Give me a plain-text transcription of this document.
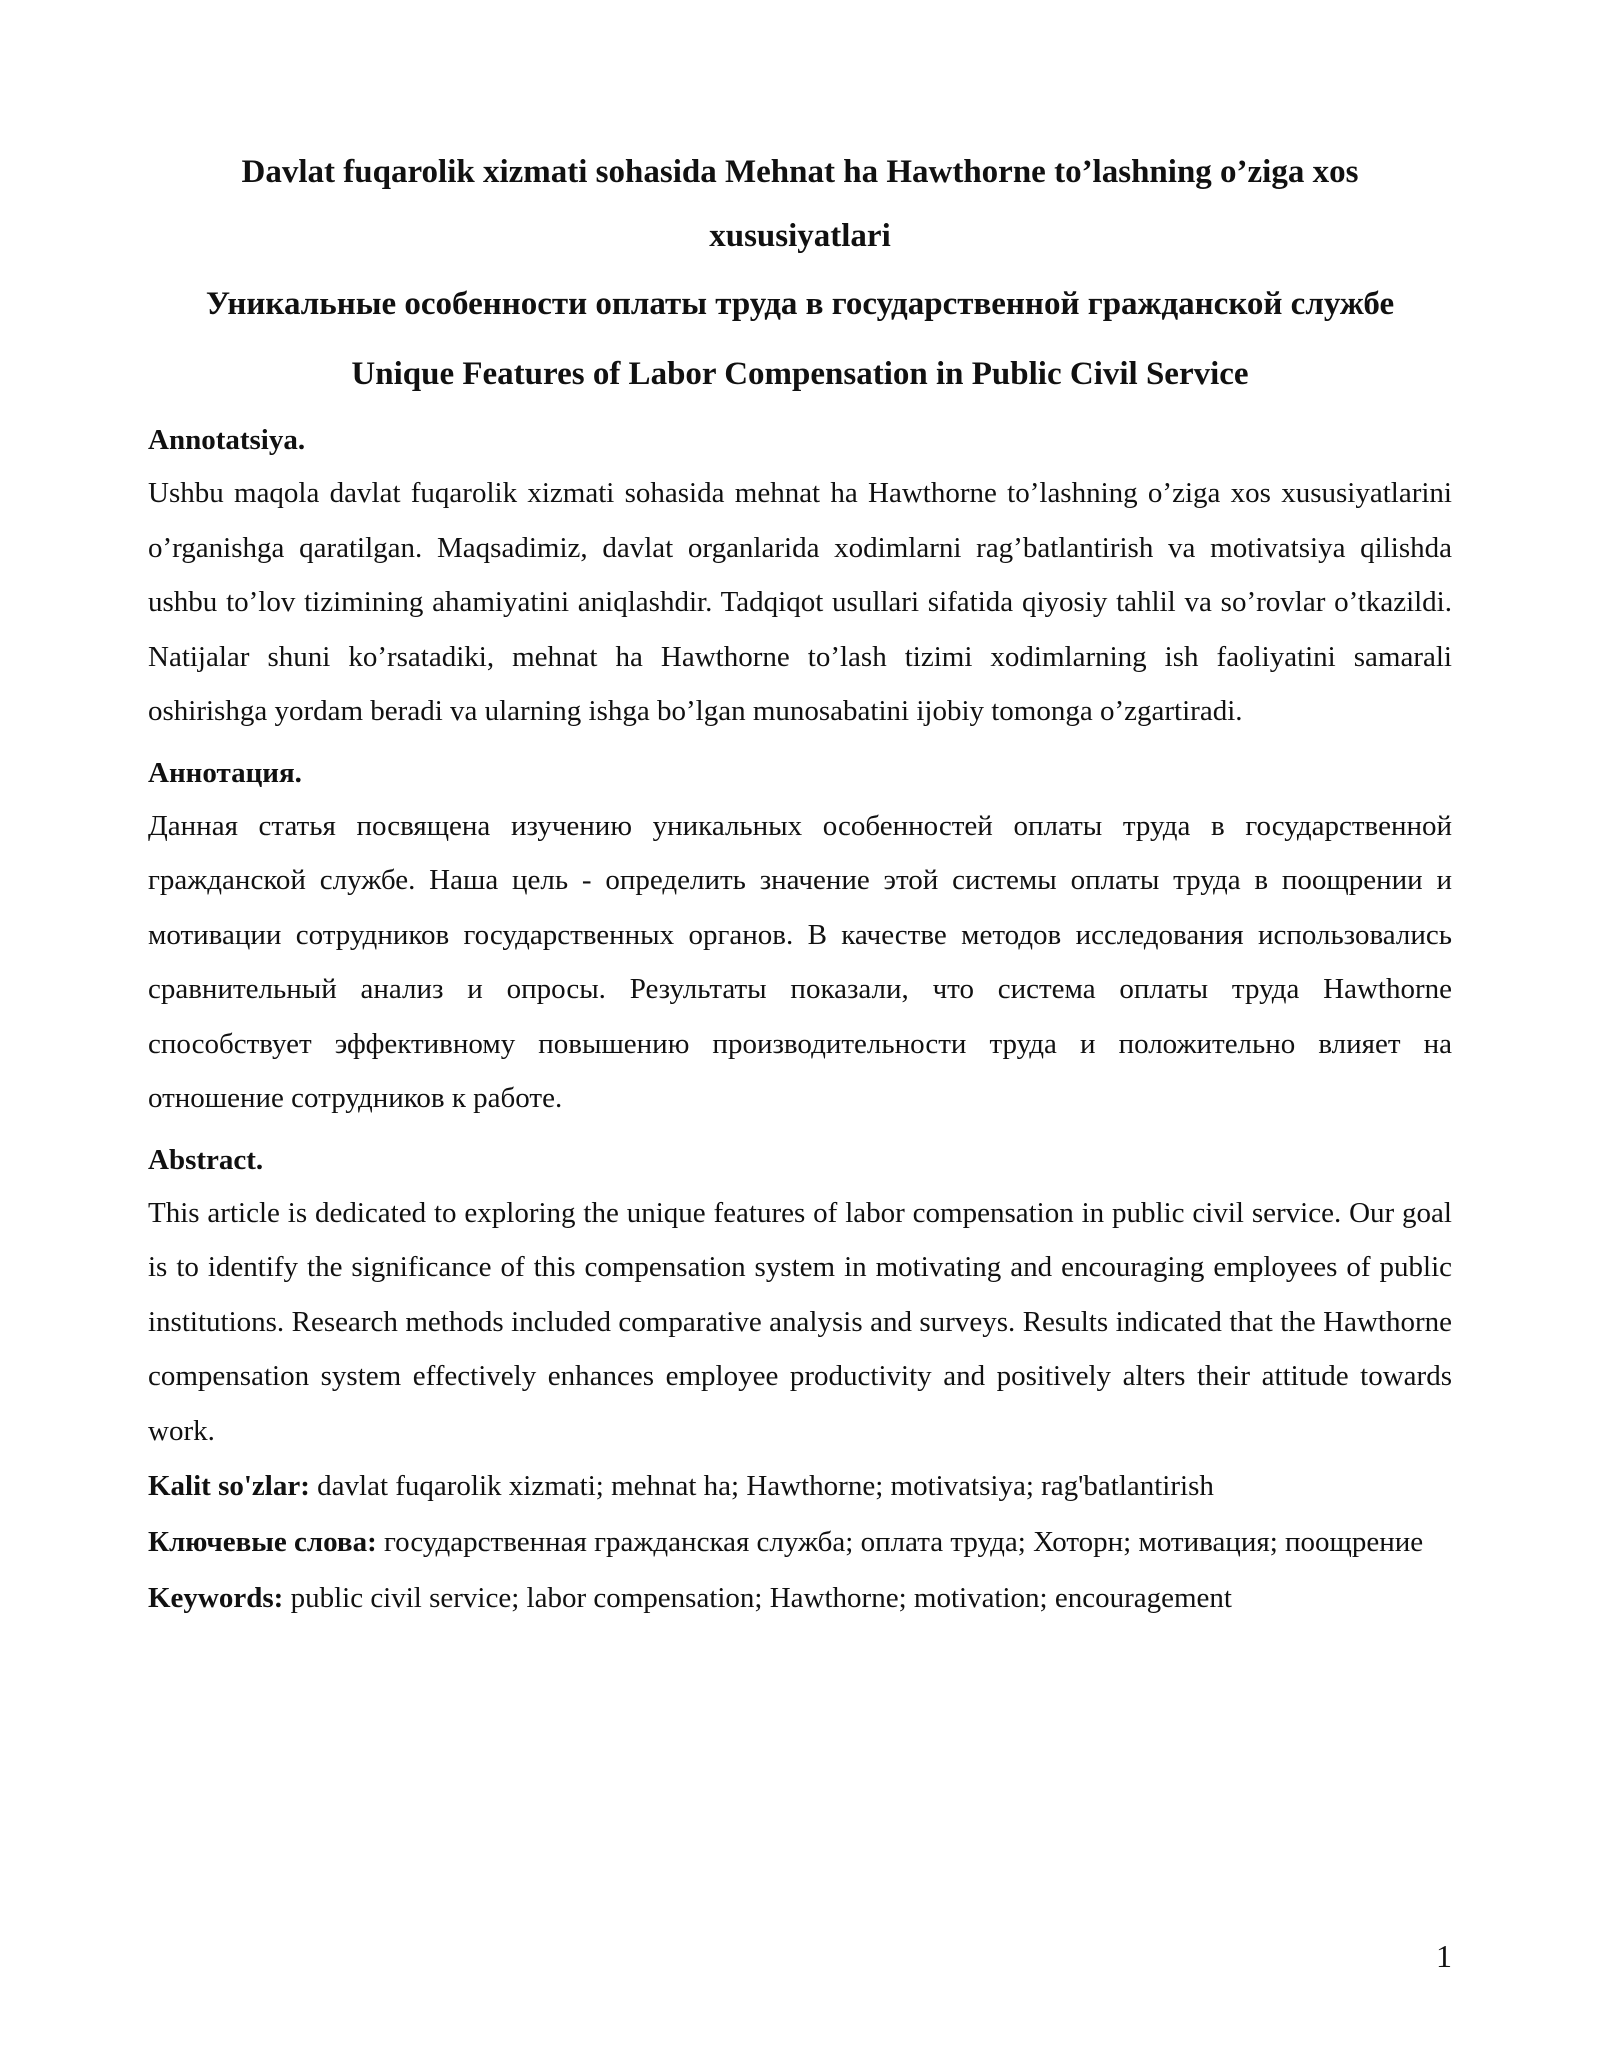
Davlat fuqarolik xizmati sohasida Mehnat ha Hawthorne to’lashning o’ziga xos xususiyatlari
Уникальные особенности оплаты труда в государственной гражданской службе
Unique Features of Labor Compensation in Public Civil Service
Annotatsiya.

Ushbu maqola davlat fuqarolik xizmati sohasida mehnat ha Hawthorne to’lashning o’ziga xos xususiyatlarini o’rganishga qaratilgan. Maqsadimiz, davlat organlarida xodimlarni rag’batlantirish va motivatsiya qilishda ushbu to’lov tizimining ahamiyatini aniqlashdir. Tadqiqot usullari sifatida qiyosiy tahlil va so’rovlar o’tkazildi. Natijalar shuni ko’rsatadiki, mehnat ha Hawthorne to’lash tizimi xodimlarning ish faoliyatini samarali oshirishga yordam beradi va ularning ishga bo’lgan munosabatini ijobiy tomonga o’zgartiradi.

Аннотация.

Данная статья посвящена изучению уникальных особенностей оплаты труда в государственной гражданской службе. Наша цель - определить значение этой системы оплаты труда в поощрении и мотивации сотрудников государственных органов. В качестве методов исследования использовались сравнительный анализ и опросы. Результаты показали, что система оплаты труда Hawthorne способствует эффективному повышению производительности труда и положительно влияет на отношение сотрудников к работе.

Abstract.

This article is dedicated to exploring the unique features of labor compensation in public civil service. Our goal is to identify the significance of this compensation system in motivating and encouraging employees of public institutions. Research methods included comparative analysis and surveys. Results indicated that the Hawthorne compensation system effectively enhances employee productivity and positively alters their attitude towards work.

Kalit so'zlar: davlat fuqarolik xizmati; mehnat ha; Hawthorne; motivatsiya; rag'batlantirish

Ключевые слова: государственная гражданская служба; оплата труда; Хоторн; мотивация; поощрение

Keywords: public civil service; labor compensation; Hawthorne; motivation; encouragement

1
